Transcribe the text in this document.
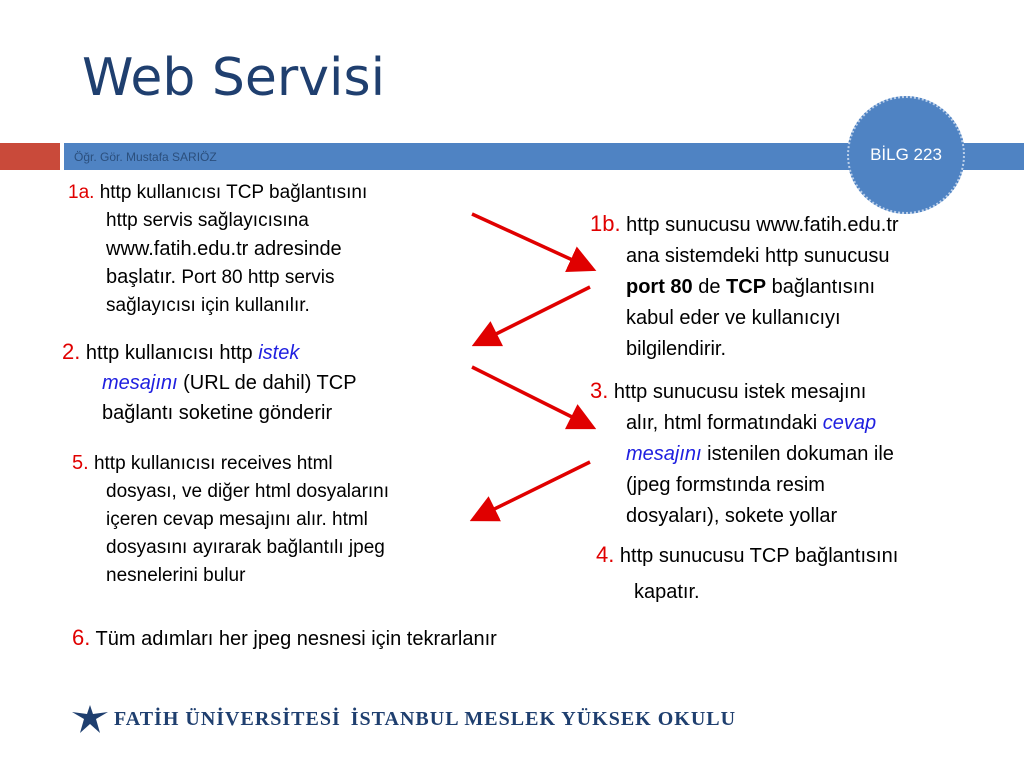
Web Servisi
Öğr. Gör. Mustafa SARIÖZ	BİLG 223
1a. http kullanıcısı TCP bağlantısını
http servis sağlayıcısına
www.fatih.edu.tr adresinde
başlatır. Port 80 http servis
sağlayıcısı için kullanılır.
1b. http sunucusu www.fatih.edu.tr
ana sistemdeki http sunucusu
port 80 de TCP bağlantısını
kabul eder ve kullanıcıyı
bilgilendirir.
2. http kullanıcısı http istek
mesajını (URL de dahil) TCP
bağlantı soketine gönderir
3. http sunucusu istek mesajını
alır, html formatındaki cevap
mesajını istenilen dokuman ile
(jpeg formstında resim
dosyaları), sokete yollar
4. http sunucusu TCP bağlantısını
kapatır.
5. http kullanıcısı receives html
dosyası, ve diğer html dosyalarını
içeren cevap mesajını alır. html
dosyasını ayırarak bağlantılı jpeg
nesnelerini bulur
6. Tüm adımları her jpeg nesnesi için tekrarlanır
FATİH ÜNİVERSİTESİ İSTANBUL MESLEK YÜKSEK OKULU
